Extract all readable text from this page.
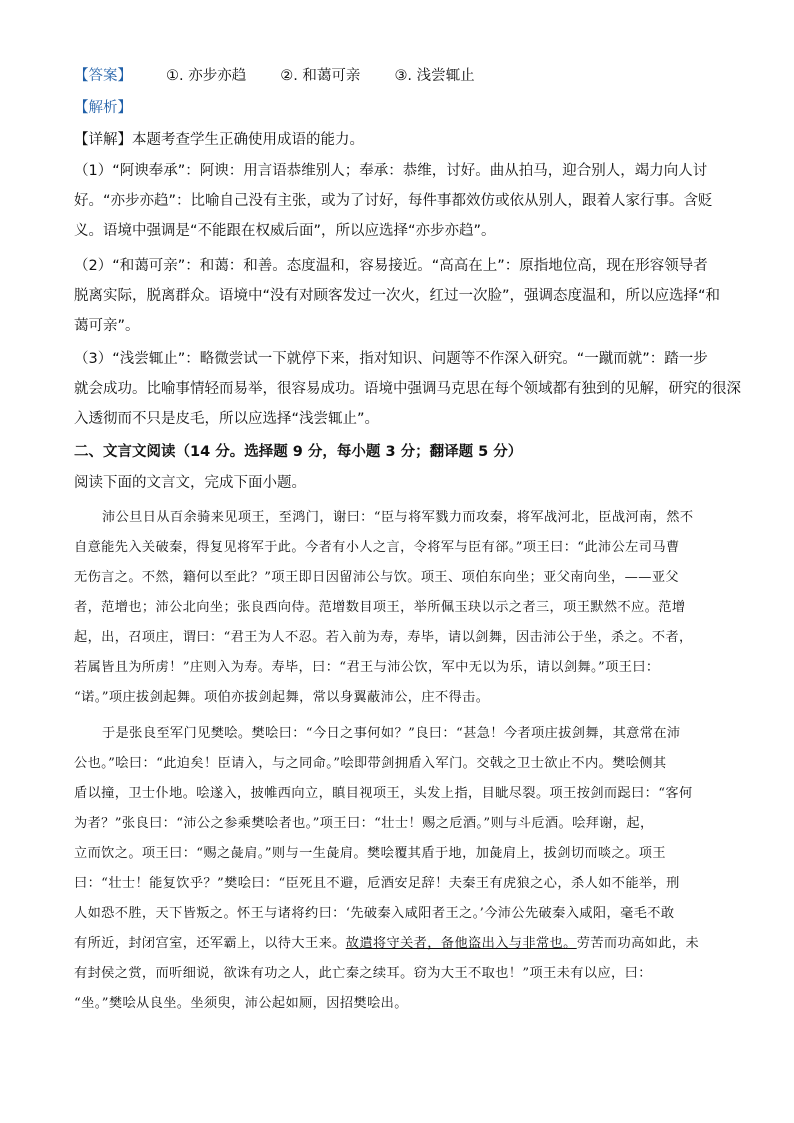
【答案】 ①. 亦步亦趋 ②. 和蔼可亲 ③. 浅尝辄止
【解析】
【详解】本题考查学生正确使用成语的能力。
（1）“阿谀奉承”：阿谀：用言语恭维别人；奉承：恭维，讨好。曲从拍马，迎合别人，竭力向人讨
好。“亦步亦趋”：比喻自己没有主张，或为了讨好，每件事都效仿或依从别人，跟着人家行事。含贬
义。语境中强调是“不能跟在权威后面”，所以应选择“亦步亦趋”。
（2）“和蔼可亲”：和蔼：和善。态度温和，容易接近。“高高在上”：原指地位高，现在形容领导者
脱离实际，脱离群众。语境中“没有对顾客发过一次火，红过一次脸”，强调态度温和，所以应选择“和
蔼可亲”。
（3）“浅尝辄止”：略微尝试一下就停下来，指对知识、问题等不作深入研究。“一蹴而就”：踏一步
就会成功。比喻事情轻而易举，很容易成功。语境中强调马克思在每个领域都有独到的见解，研究的很深
入透彻而不只是皮毛，所以应选择“浅尝辄止”。
二、文言文阅读（14 分。选择题 9 分，每小题 3 分；翻译题 5 分）
阅读下面的文言文，完成下面小题。
沛公旦日从百余骑来见项王，至鸿门，谢曰：“臣与将军戮力而攻秦，将军战河北，臣战河南，然不
自意能先入关破秦，得复见将军于此。今者有小人之言，令将军与臣有郤。”项王曰：“此沛公左司马曹
无伤言之。不然，籍何以至此？”项王即日因留沛公与饮。项王、项伯东向坐；亚父南向坐，——亚父
者，范增也；沛公北向坐；张良西向侍。范增数目项王，举所佩玉玦以示之者三，项王默然不应。范增
起，出，召项庄，谓曰：“君王为人不忍。若入前为寿，寿毕，请以剑舞，因击沛公于坐，杀之。不者，
若属皆且为所虏！”庄则入为寿。寿毕，曰：“君王与沛公饮，军中无以为乐，请以剑舞。”项王曰：
“诺。”项庄拔剑起舞。项伯亦拔剑起舞，常以身翼蔽沛公，庄不得击。
于是张良至军门见樊哙。樊哙曰：“今日之事何如？”良曰：“甚急！今者项庄拔剑舞，其意常在沛
公也。”哙曰：“此迫矣！臣请入，与之同命。”哙即带剑拥盾入军门。交戟之卫士欲止不内。樊哙侧其
盾以撞，卫士仆地。哙遂入，披帷西向立，瞋目视项王，头发上指，目眦尽裂。项王按剑而跽曰：“客何
为者？”张良曰：“沛公之参乘樊哙者也。”项王曰：“壮士！赐之卮酒。”则与斗卮酒。哙拜谢，起，
立而饮之。项王曰：“赐之彘肩。”则与一生彘肩。樊哙覆其盾于地，加彘肩上，拔剑切而啖之。项王
曰：“壮士！能复饮乎？”樊哙曰：“臣死且不避，卮酒安足辞！夫秦王有虎狼之心，杀人如不能举，刑
人如恐不胜，天下皆叛之。怀王与诸将约曰：‘先破秦入咸阳者王之。’今沛公先破秦入咸阳，毫毛不敢
有所近，封闭宫室，还军霸上，以待大王来。故遣将守关者，备他盗出入与非常也。劳苦而功高如此，未
有封侯之赏，而听细说，欲诛有功之人，此亡秦之续耳。窃为大王不取也！”项王未有以应，曰：
“坐。”樊哙从良坐。坐须臾，沛公起如厕，因招樊哙出。
